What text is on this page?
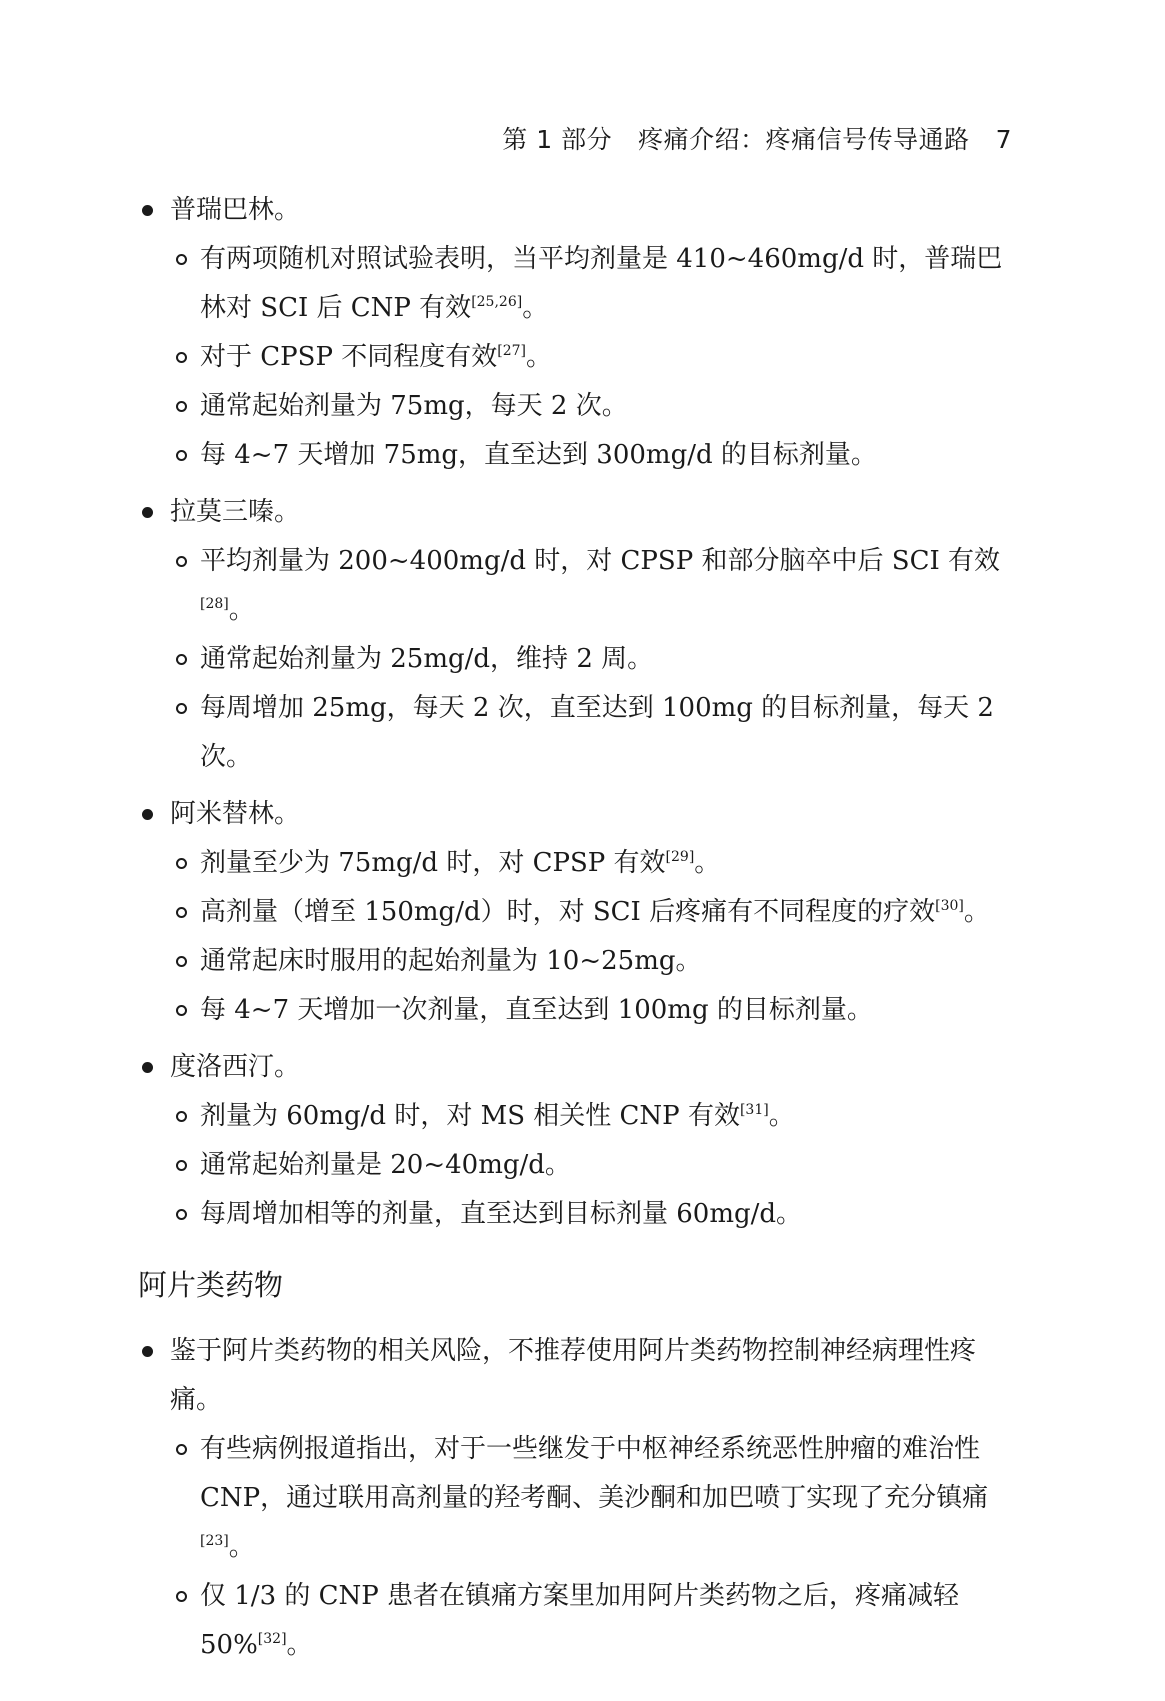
第 1 部分 疼痛介绍：疼痛信号传导通路 7
普瑞巴林。
有两项随机对照试验表明，当平均剂量是 410~460mg/d 时，普瑞巴林对 SCI 后 CNP 有效[25,26]。
对于 CPSP 不同程度有效[27]。
通常起始剂量为 75mg，每天 2 次。
每 4~7 天增加 75mg，直至达到 300mg/d 的目标剂量。
拉莫三嗪。
平均剂量为 200~400mg/d 时，对 CPSP 和部分脑卒中后 SCI 有效[28]。
通常起始剂量为 25mg/d，维持 2 周。
每周增加 25mg，每天 2 次，直至达到 100mg 的目标剂量，每天 2 次。
阿米替林。
剂量至少为 75mg/d 时，对 CPSP 有效[29]。
高剂量（增至 150mg/d）时，对 SCI 后疼痛有不同程度的疗效[30]。
通常起床时服用的起始剂量为 10~25mg。
每 4~7 天增加一次剂量，直至达到 100mg 的目标剂量。
度洛西汀。
剂量为 60mg/d 时，对 MS 相关性 CNP 有效[31]。
通常起始剂量是 20~40mg/d。
每周增加相等的剂量，直至达到目标剂量 60mg/d。
阿片类药物
鉴于阿片类药物的相关风险，不推荐使用阿片类药物控制神经病理性疼痛。
有些病例报道指出，对于一些继发于中枢神经系统恶性肿瘤的难治性 CNP，通过联用高剂量的羟考酮、美沙酮和加巴喷丁实现了充分镇痛[23]。
仅 1/3 的 CNP 患者在镇痛方案里加用阿片类药物之后，疼痛减轻 50%[32]。
